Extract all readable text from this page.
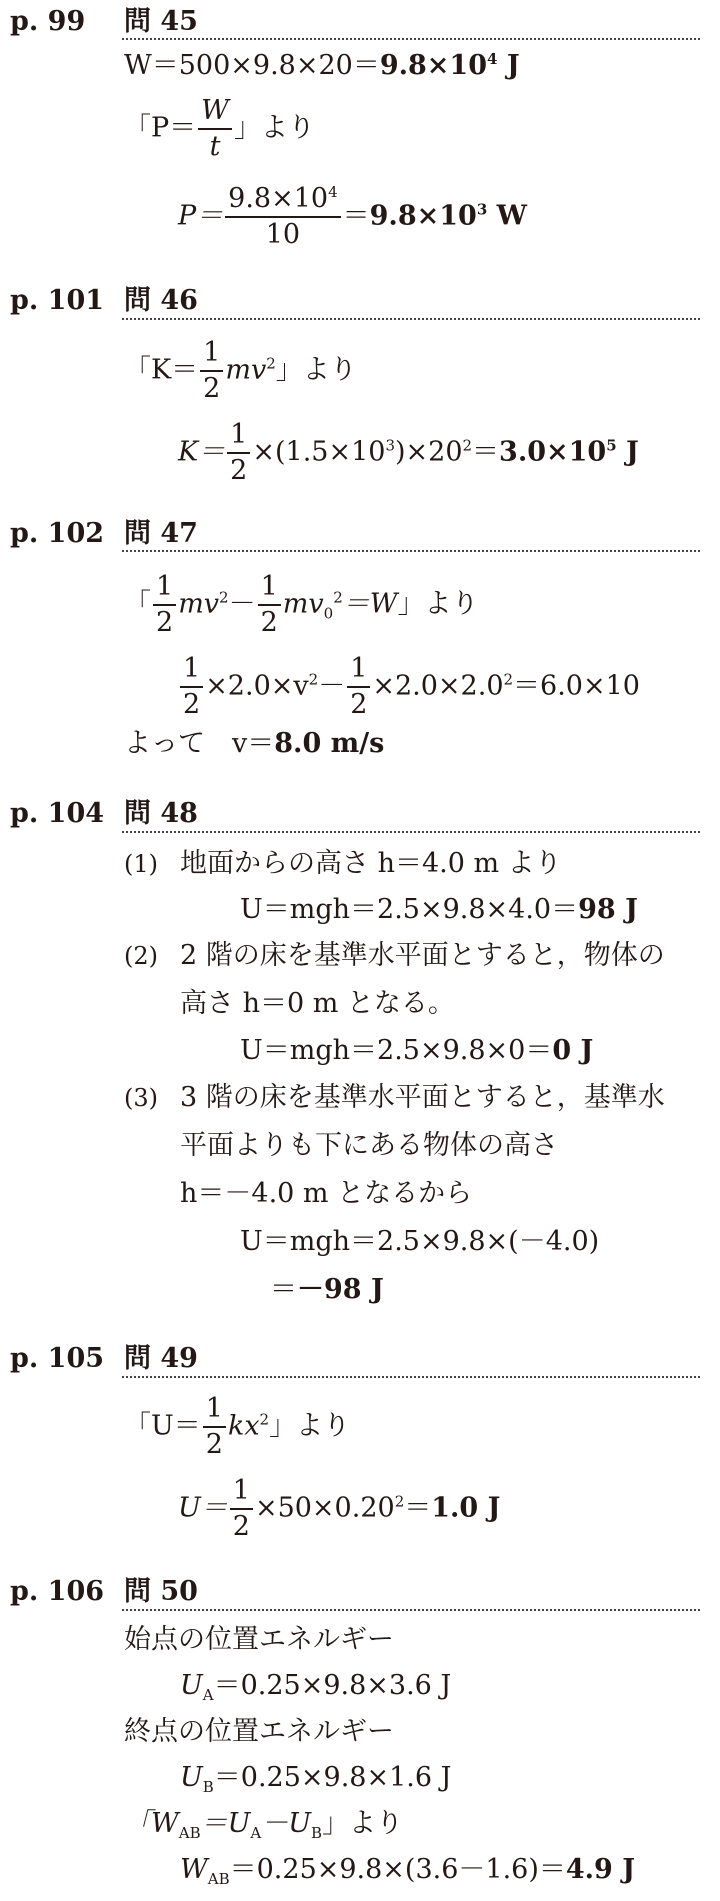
p. 99 問 45
$W=500\times 9.8\times 20=9.8\times 10^4$ J
「$P= \frac{W}{t}$ 」より
$P= \frac{9.8\times 10^4}{10} =9.8\times 10^3$ W
p. 101 問 46
「$K= \frac{1}{2} mv^2$」より
$K= \frac{1}{2} \times(1.5\times 10^3)\times 20^2=3.0\times 10^5$ J
p. 102 問 47
「 $\frac{1}{2} mv^2- \frac{1}{2} mv_0^2=W$」より
$\frac{1}{2} \times 2.0\times v^2- \frac{1}{2} \times 2.0\times 2.0^2=6.0\times 10$
よって　v＝8.0 m/s
p. 104 問 48
(1) 地面からの高さ h＝4.0 m より
U＝mgh＝2.5×9.8×4.0＝98 J
(2) 2 階の床を基準水平面とすると，物体の
高さ h＝0 m となる。
U＝mgh＝2.5×9.8×0＝0 J
(3) 3 階の床を基準水平面とすると，基準水
平面よりも下にある物体の高さ
h＝－4.0 m となるから
U＝mgh＝2.5×9.8×(－4.0)
＝－98 J
p. 105 問 49
「$U= \frac{1}{2} kx^2$」より
$U= \frac{1}{2} \times 50\times 0.20^2=1.0$ J
p. 106 問 50
始点の位置エネルギー
$U_A=0.25\times 9.8\times 3.6$ J
終点の位置エネルギー
$U_B=0.25\times 9.8\times 1.6$ J
「$W_{AB}=U_A-U_B$」より
$W_{AB}=0.25\times 9.8\times(3.6-1.6)=4.9$ J
